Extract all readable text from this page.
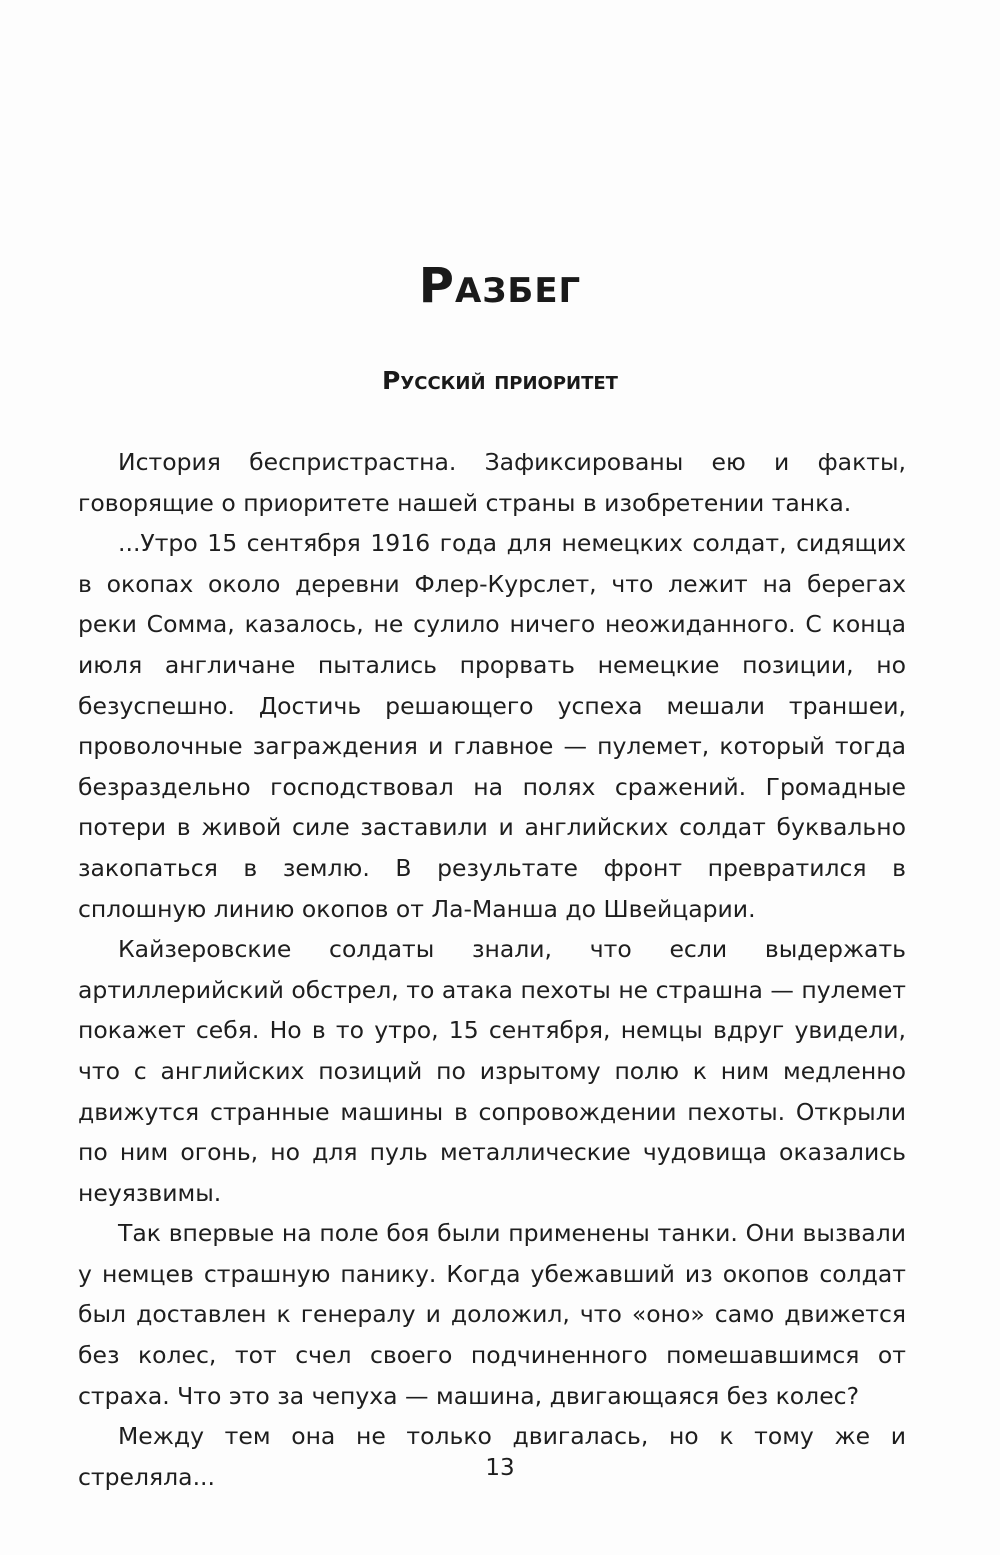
Разбег
Русский приоритет

История беспристрастна. Зафиксированы ею и факты, говорящие о приоритете нашей страны в изобретении танка.

...Утро 15 сентября 1916 года для немецких солдат, сидящих в окопах около деревни Флер-Курслет, что лежит на берегах реки Сомма, казалось, не сулило ничего неожиданного. С конца июля англичане пытались прорвать немецкие позиции, но безуспешно. Достичь решающего успеха мешали траншеи, проволочные заграждения и главное — пулемет, который тогда безраздельно господствовал на полях сражений. Громадные потери в живой силе заставили и английских солдат буквально закопаться в землю. В результате фронт превратился в сплошную линию окопов от Ла-Манша до Швейцарии.

Кайзеровские солдаты знали, что если выдержать артиллерийский обстрел, то атака пехоты не страшна — пулемет покажет себя. Но в то утро, 15 сентября, немцы вдруг увидели, что с английских позиций по изрытому полю к ним медленно движутся странные машины в сопровождении пехоты. Открыли по ним огонь, но для пуль металлические чудовища оказались неуязвимы.

Так впервые на поле боя были применены танки. Они вызвали у немцев страшную панику. Когда убежавший из окопов солдат был доставлен к генералу и доложил, что «оно» само движется без колес, тот счел своего подчиненного помешавшимся от страха. Что это за чепуха — машина, двигающаяся без колес?

Между тем она не только двигалась, но к тому же и стреляла...	13
